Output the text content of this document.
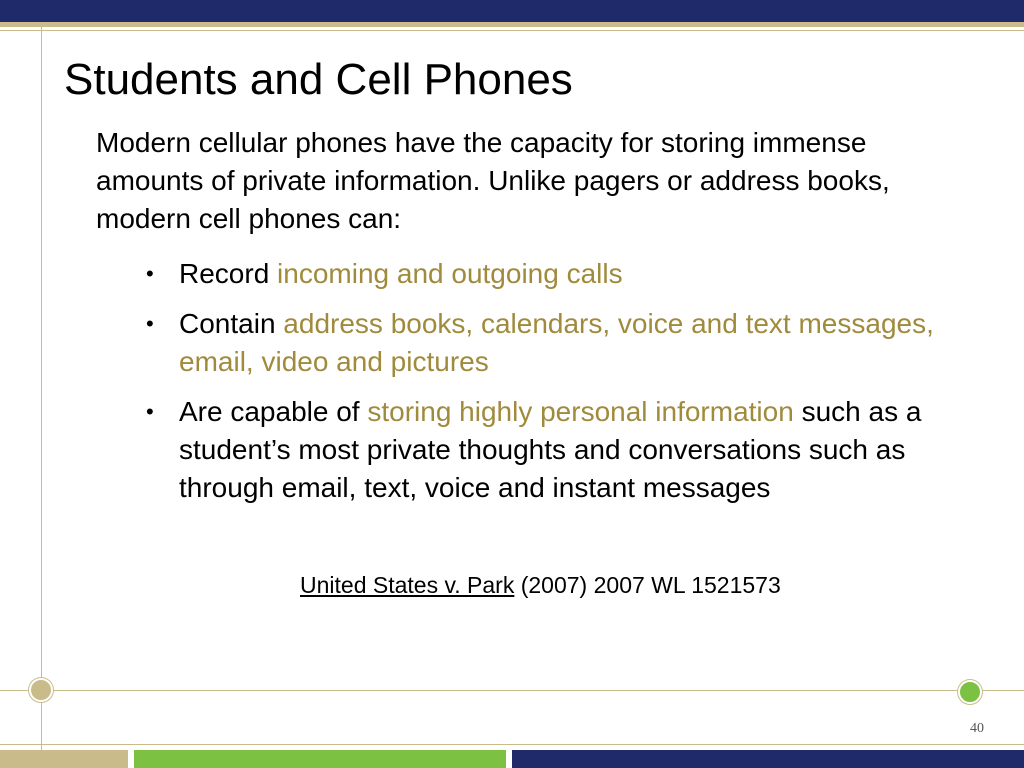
Students and Cell Phones

Modern cellular phones have the capacity for storing immense amounts of private information. Unlike pagers or address books, modern cell phones can:

• Record incoming and outgoing calls
• Contain address books, calendars, voice and text messages, email, video and pictures
• Are capable of storing highly personal information such as a student’s most private thoughts and conversations such as through email, text, voice and instant messages

United States v. Park (2007) 2007 WL 1521573

40
